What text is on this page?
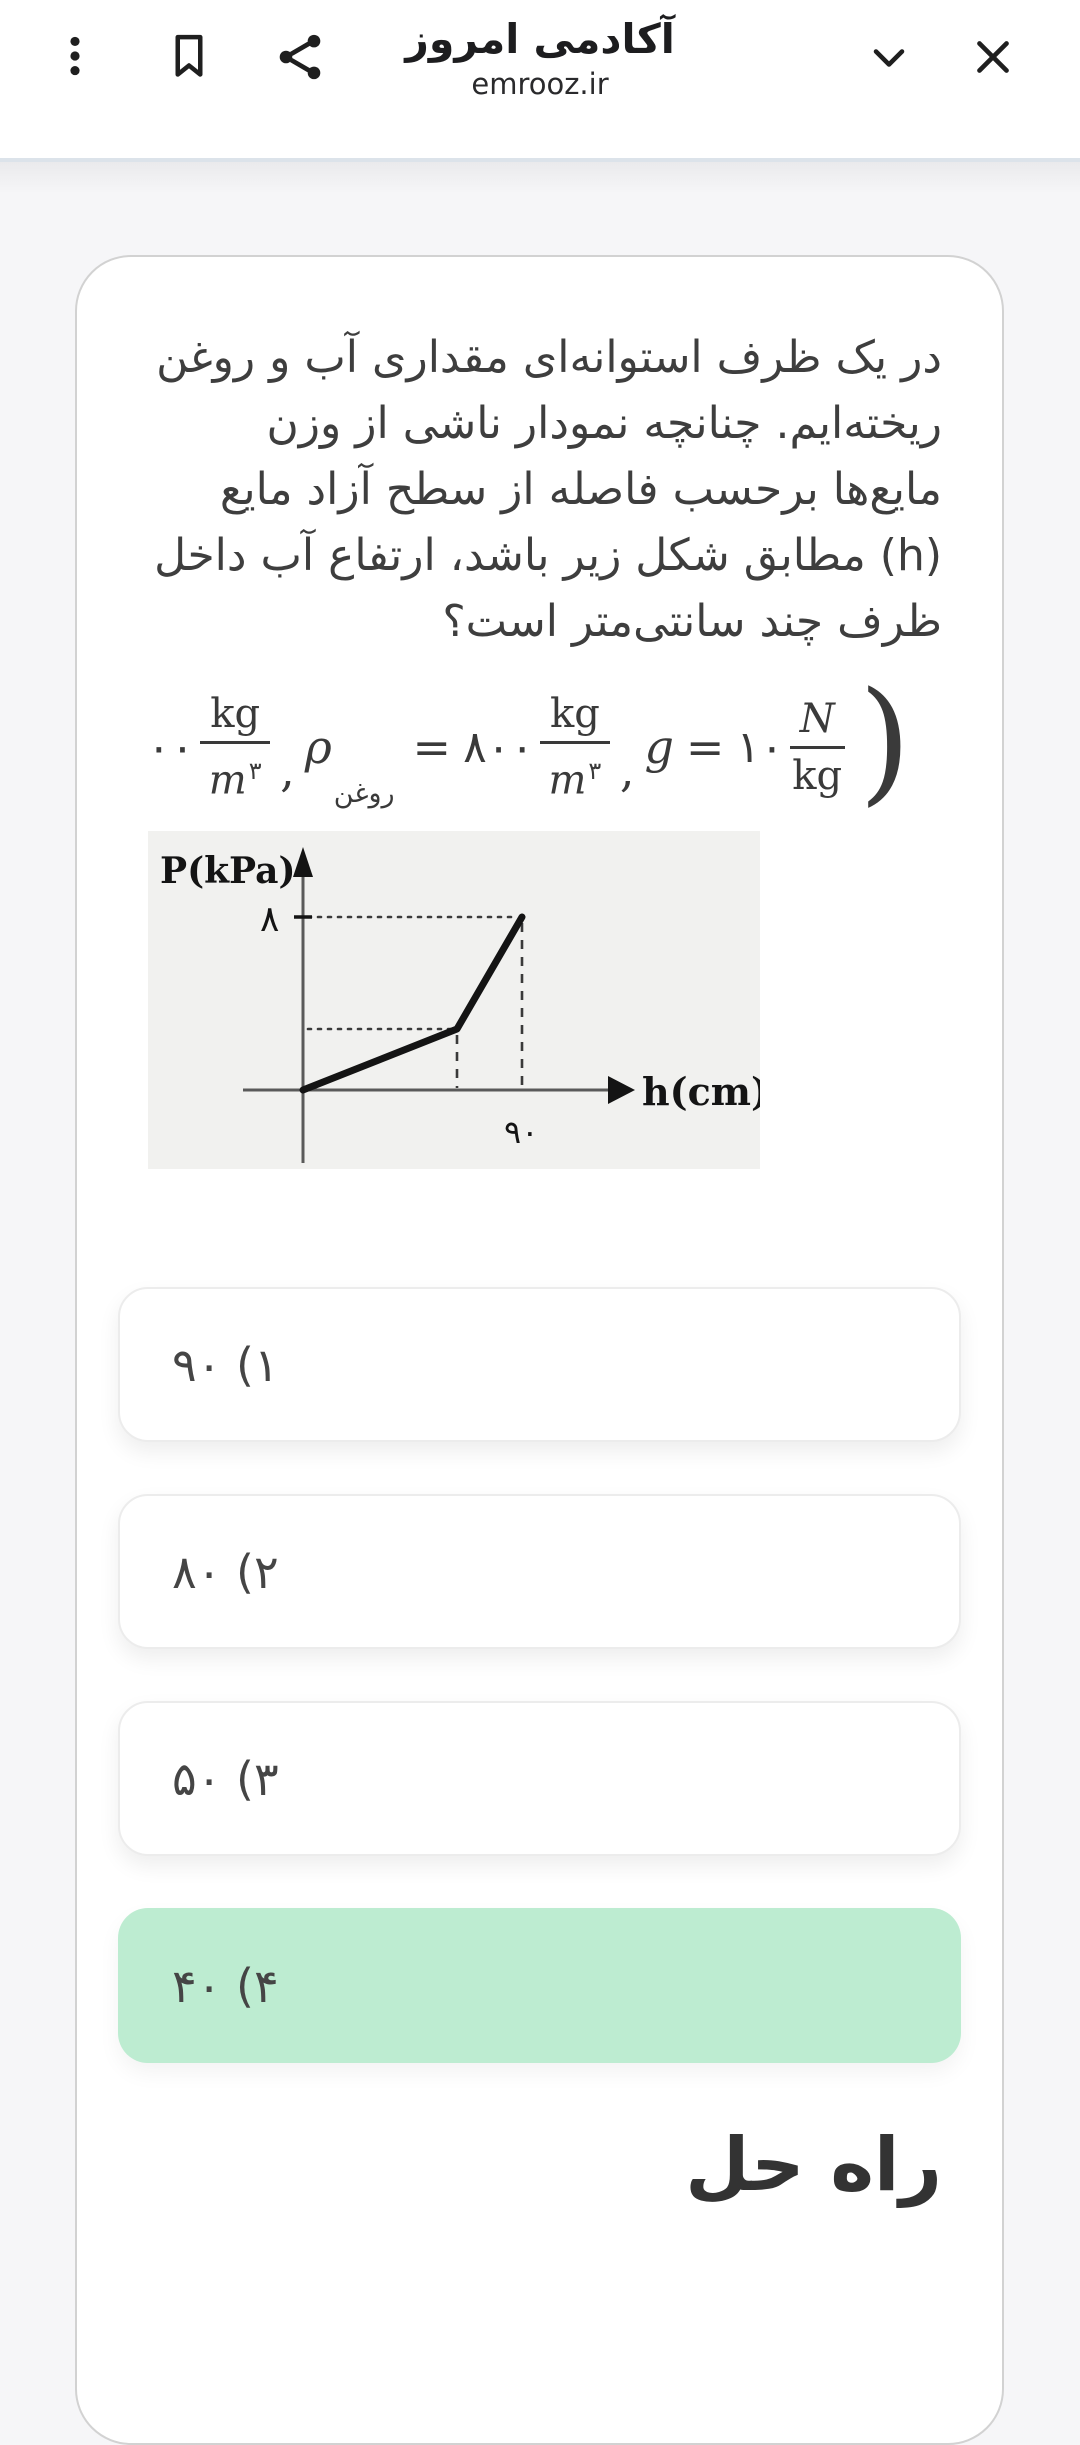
آکادمی امروز
emrooz.ir
در یک ظرف استوانه‌ای مقداری آب و روغن
ریخته‌ایم. چنانچه نمودار ناشی از وزن
مایع‌ها برحسب فاصله از سطح آزاد مایع
(h) مطابق شکل زیر باشد، ارتفاع آب داخل
ظرف چند سانتی‌متر است؟
۰۰ $\frac{kg}{m^۳}$ , ρ
روغن
= ۸۰۰ $\frac{kg}{m^۳}$ , g = ۱۰ $\frac{N}{kg}$ )
P(kPa)
۸
h(cm)
۹۰
۱) ۹۰
۲) ۸۰
۳) ۵۰
۴) ۴۰
راه حل
